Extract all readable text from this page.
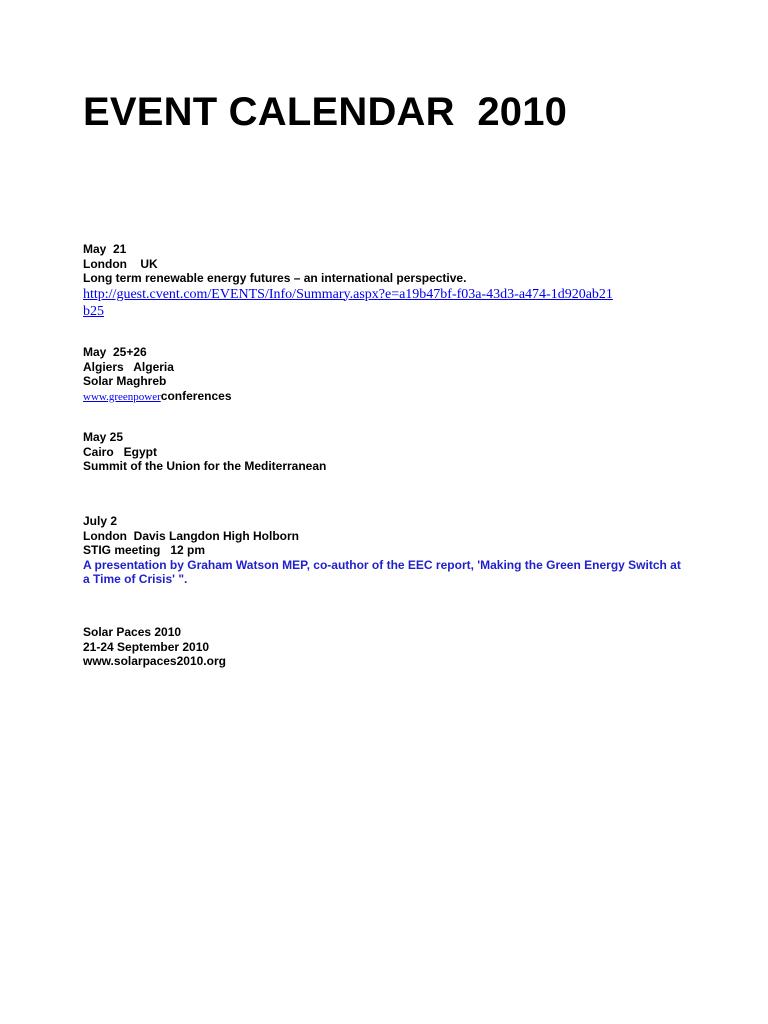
EVENT CALENDAR  2010
May  21
London    UK
Long term renewable energy futures – an international perspective.
http://guest.cvent.com/EVENTS/Info/Summary.aspx?e=a19b47bf-f03a-43d3-a474-1d920ab21b25
May  25+26
Algiers   Algeria
Solar Maghreb
www.greenpowerconferences
May 25
Cairo   Egypt
Summit of the Union for the Mediterranean
July 2
London  Davis Langdon High Holborn
STIG meeting   12 pm
A presentation by Graham Watson MEP, co-author of the EEC report, 'Making the Green Energy Switch at a Time of Crisis' ".
Solar Paces 2010
21-24 September 2010
www.solarpaces2010.org
